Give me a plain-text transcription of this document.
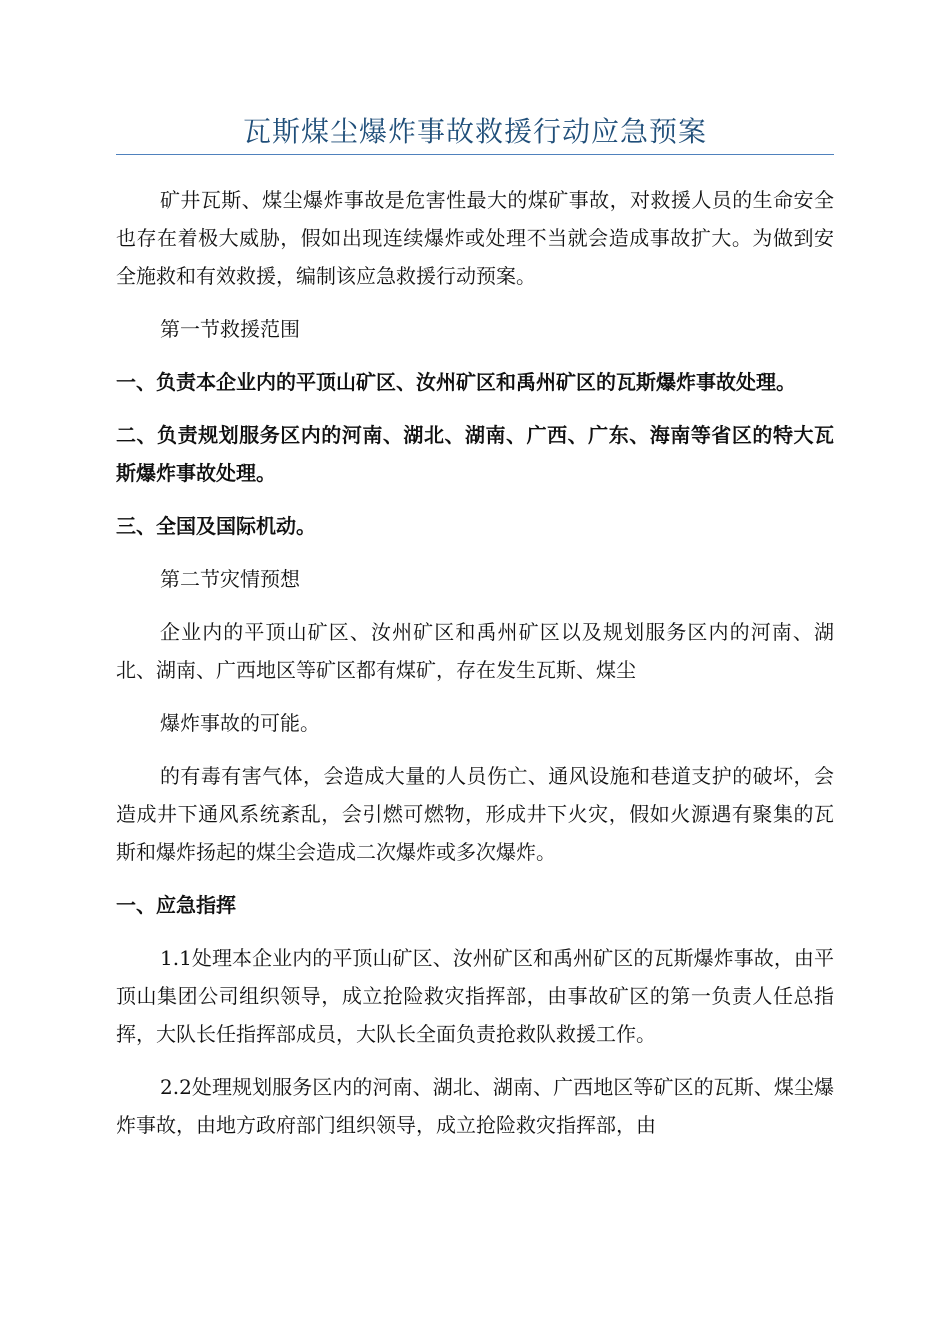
瓦斯煤尘爆炸事故救援行动应急预案

矿井瓦斯、煤尘爆炸事故是危害性最大的煤矿事故，对救援人员的生命安全也存在着极大威胁，假如出现连续爆炸或处理不当就会造成事故扩大。为做到安全施救和有效救援，编制该应急救援行动预案。

第一节救援范围

一、负责本企业内的平顶山矿区、汝州矿区和禹州矿区的瓦斯爆炸事故处理。

二、负责规划服务区内的河南、湖北、湖南、广西、广东、海南等省区的特大瓦斯爆炸事故处理。

三、全国及国际机动。

第二节灾情预想

企业内的平顶山矿区、汝州矿区和禹州矿区以及规划服务区内的河南、湖北、湖南、广西地区等矿区都有煤矿，存在发生瓦斯、煤尘

爆炸事故的可能。

的有毒有害气体，会造成大量的人员伤亡、通风设施和巷道支护的破坏，会造成井下通风系统紊乱，会引燃可燃物，形成井下火灾，假如火源遇有聚集的瓦斯和爆炸扬起的煤尘会造成二次爆炸或多次爆炸。

一、应急指挥

1.1处理本企业内的平顶山矿区、汝州矿区和禹州矿区的瓦斯爆炸事故，由平顶山集团公司组织领导，成立抢险救灾指挥部，由事故矿区的第一负责人任总指挥，大队长任指挥部成员，大队长全面负责抢救队救援工作。

2.2处理规划服务区内的河南、湖北、湖南、广西地区等矿区的瓦斯、煤尘爆炸事故，由地方政府部门组织领导，成立抢险救灾指挥部，由
